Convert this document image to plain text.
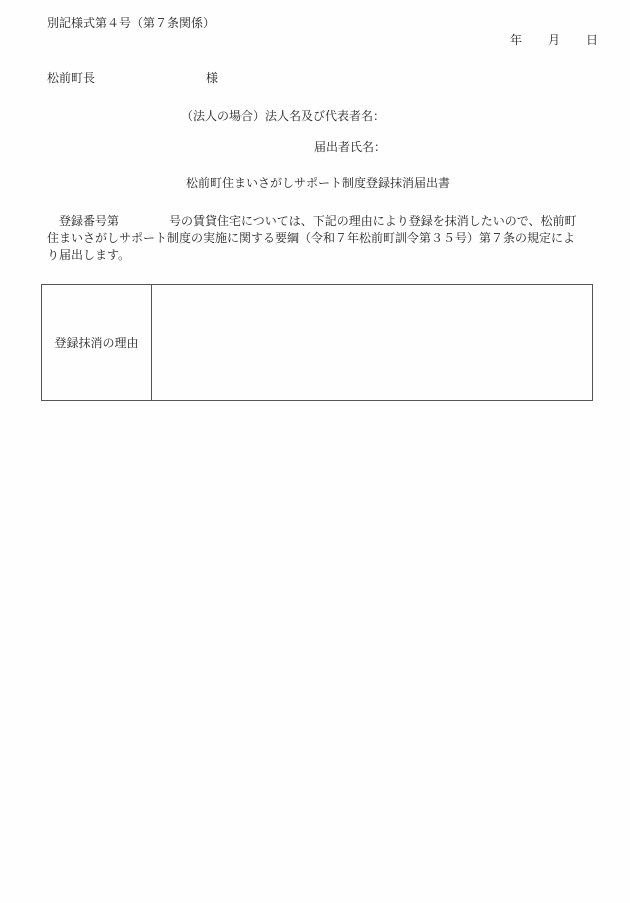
別記様式第４号（第７条関係）
年 月 日
松前町長	様
（法人の場合）法人名及び代表者名：
届出者氏名：
松前町住まいさがしサポート制度登録抹消届出書
登録番号第	号の賃貸住宅については、下記の理由により登録を抹消したいので、松前町
住まいさがしサポート制度の実施に関する要綱（令和７年松前町訓令第３５号）第７条の規定によ
り届出します。
登録抹消の理由	
